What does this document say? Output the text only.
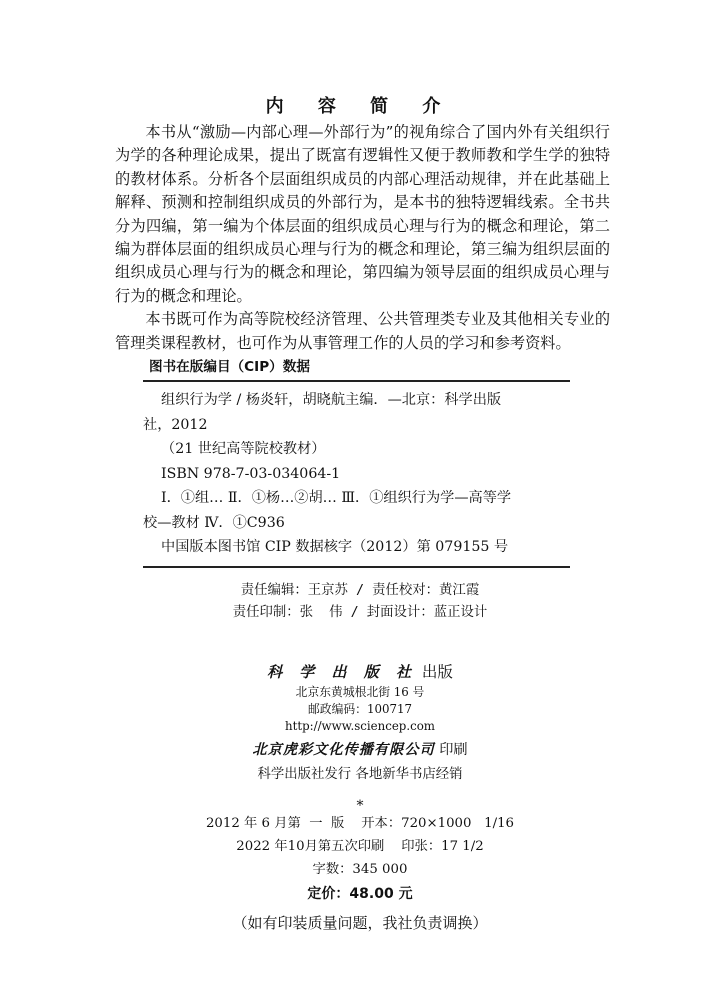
内 容 简 介

本书从“激励—内部心理—外部行为”的视角综合了国内外有关组织行为学的各种理论成果，提出了既富有逻辑性又便于教师教和学生学的独特的教材体系。分析各个层面组织成员的内部心理活动规律，并在此基础上解释、预测和控制组织成员的外部行为，是本书的独特逻辑线索。全书共分为四编，第一编为个体层面的组织成员心理与行为的概念和理论，第二编为群体层面的组织成员心理与行为的概念和理论，第三编为组织层面的组织成员心理与行为的概念和理论，第四编为领导层面的组织成员心理与行为的概念和理论。

本书既可作为高等院校经济管理、公共管理类专业及其他相关专业的管理类课程教材，也可作为从事管理工作的人员的学习和参考资料。

图书在版编目（CIP）数据
组织行为学 / 杨炎轩，胡晓航主编．—北京：科学出版
社，2012
（21 世纪高等院校教材）
ISBN 978-7-03-034064-1
Ⅰ．①组… Ⅱ．①杨…②胡… Ⅲ．①组织行为学—高等学
校—教材 Ⅳ．①C936
中国版本图书馆 CIP 数据核字（2012）第 079155 号
责任编辑：王京苏 / 责任校对：黄江霞
责任印制：张  伟 / 封面设计：蓝正设计
科 学 出 版 社 出版
北京东黄城根北街 16 号
邮政编码：100717
http://www.sciencep.com
北京虎彩文化传播有限公司 印刷
科学出版社发行 各地新华书店经销
*
2012 年 6 月第  一  版    开本：720×1000   1/16
2022 年10月第五次印刷    印张：17 1/2
字数：345 000
定价：48.00 元
（如有印装质量问题，我社负责调换）
